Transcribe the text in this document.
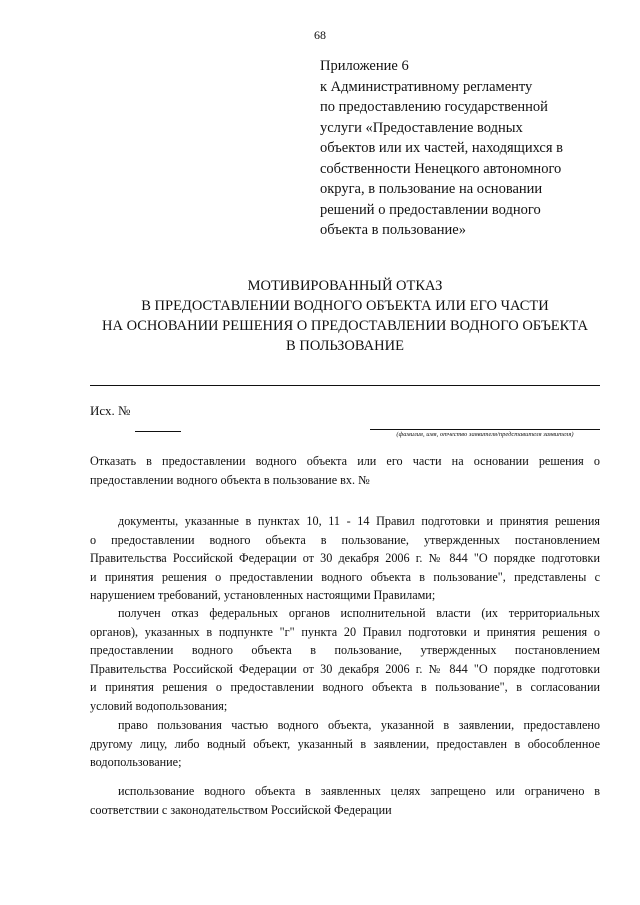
68
Приложение 6
к Административному регламенту
по предоставлению государственной
услуги «Предоставление водных
объектов или их частей, находящихся в
собственности Ненецкого автономного
округа, в пользование на основании
решений о предоставлении водного
объекта в пользование»
МОТИВИРОВАННЫЙ ОТКАЗ
В ПРЕДОСТАВЛЕНИИ ВОДНОГО ОБЪЕКТА ИЛИ ЕГО ЧАСТИ
НА ОСНОВАНИИ РЕШЕНИЯ О ПРЕДОСТАВЛЕНИИ ВОДНОГО ОБЪЕКТА
В ПОЛЬЗОВАНИЕ
Исх. №
(фамилия, имя, отчество заявителя/представителя заявителя)
Отказать в предоставлении водного объекта или его части на основании решения о
предоставлении водного объекта в пользование вх. №
документы, указанные в пунктах 10, 11 - 14 Правил подготовки и принятия решения
о предоставлении водного объекта в пользование, утвержденных постановлением
Правительства Российской Федерации от 30 декабря 2006 г. № 844 "О порядке подготовки
и принятия решения о предоставлении водного объекта в пользование", представлены с
нарушением требований, установленных настоящими Правилами;
получен отказ федеральных органов исполнительной власти (их территориальных
органов), указанных в подпункте "г" пункта 20 Правил подготовки и принятия решения о
предоставлении водного объекта в пользование, утвержденных постановлением
Правительства Российской Федерации от 30 декабря 2006 г. № 844 "О порядке подготовки
и принятия решения о предоставлении водного объекта в пользование", в согласовании
условий водопользования;
право пользования частью водного объекта, указанной в заявлении, предоставлено
другому лицу, либо водный объект, указанный в заявлении, предоставлен в обособленное
водопользование;
использование водного объекта в заявленных целях запрещено или ограничено в
соответствии с законодательством Российской Федерации
